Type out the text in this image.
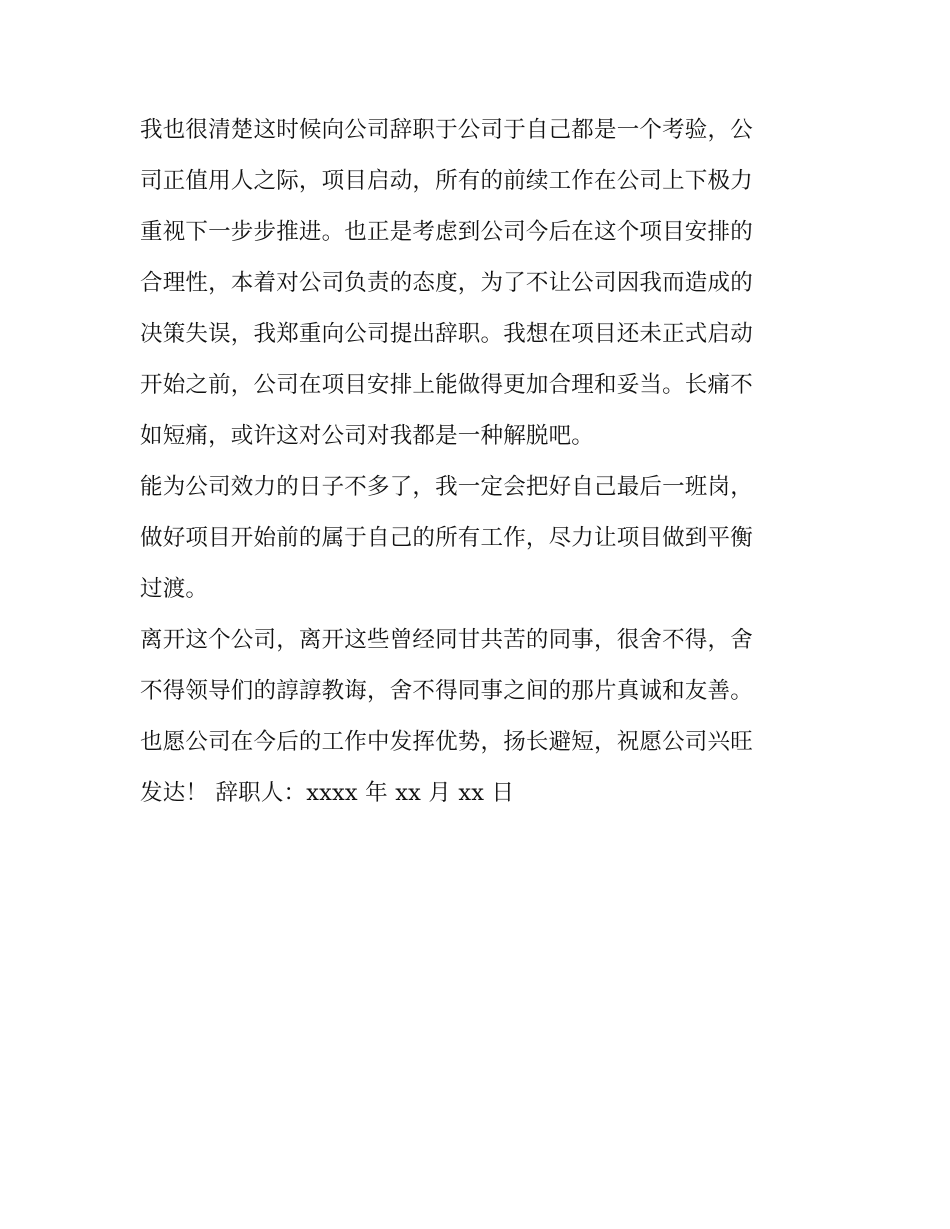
我也很清楚这时候向公司辞职于公司于自己都是一个考验，公
司正值用人之际，项目启动，所有的前续工作在公司上下极力
重视下一步步推进。也正是考虑到公司今后在这个项目安排的
合理性，本着对公司负责的态度，为了不让公司因我而造成的
决策失误，我郑重向公司提出辞职。我想在项目还未正式启动
开始之前，公司在项目安排上能做得更加合理和妥当。长痛不
如短痛，或许这对公司对我都是一种解脱吧。
能为公司效力的日子不多了，我一定会把好自己最后一班岗，
做好项目开始前的属于自己的所有工作，尽力让项目做到平衡
过渡。
离开这个公司，离开这些曾经同甘共苦的同事，很舍不得，舍
不得领导们的諄諄教诲，舍不得同事之间的那片真诚和友善。
也愿公司在今后的工作中发挥优势，扬长避短，祝愿公司兴旺
发达！ 辞职人：xxxx 年 xx 月 xx 日
